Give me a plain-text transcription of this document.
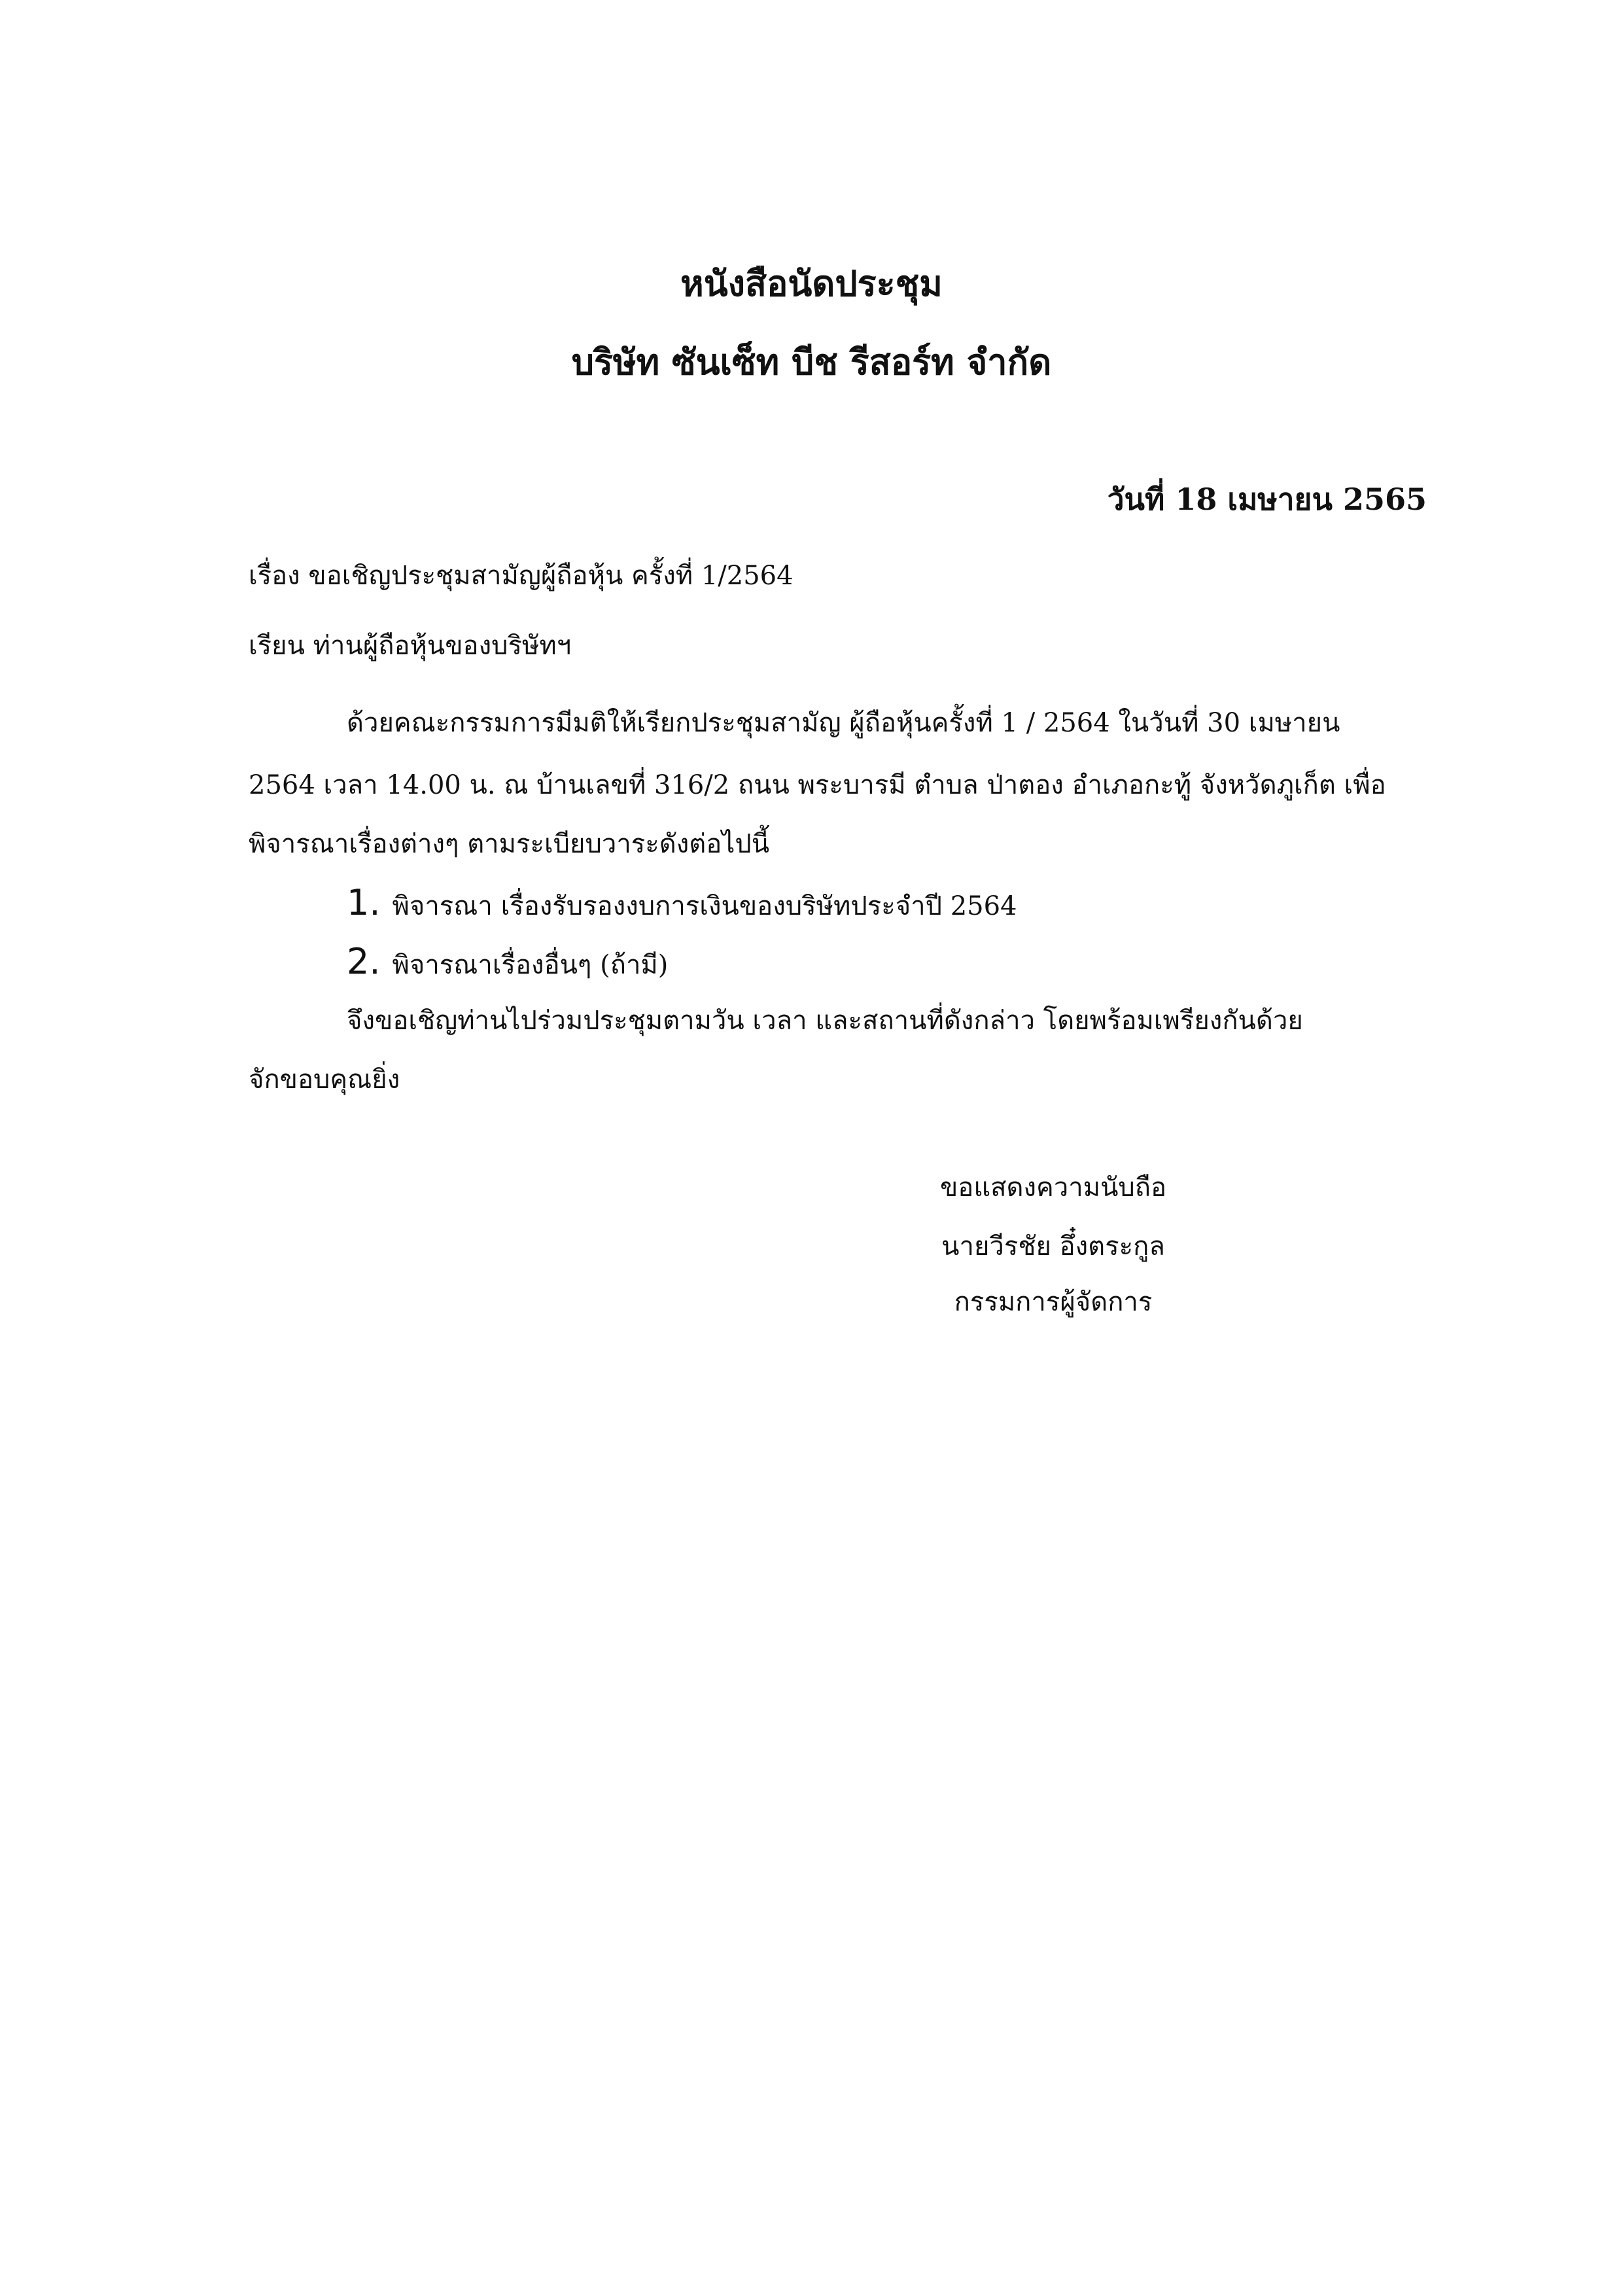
หนังสือนัดประชุม
บริษัท ซันเซ็ท บีช รีสอร์ท จำกัด
วันที่ 18 เมษายน 2565
เรื่อง ขอเชิญประชุมสามัญผู้ถือหุ้น ครั้งที่ 1/2564
เรียน ท่านผู้ถือหุ้นของบริษัทฯ
ด้วยคณะกรรมการมีมติให้เรียกประชุมสามัญ ผู้ถือหุ้นครั้งที่ 1 / 2564 ในวันที่ 30 เมษายน
2564 เวลา 14.00 น. ณ บ้านเลขที่ 316/2 ถนน พระบารมี ตำบล ป่าตอง อำเภอกะทู้ จังหวัดภูเก็ต เพื่อ
พิจารณาเรื่องต่างๆ ตามระเบียบวาระดังต่อไปนี้
1. พิจารณา เรื่องรับรองงบการเงินของบริษัทประจำปี 2564
2. พิจารณาเรื่องอื่นๆ (ถ้ามี)
จึงขอเชิญท่านไปร่วมประชุมตามวัน เวลา และสถานที่ดังกล่าว โดยพร้อมเพรียงกันด้วย
จักขอบคุณยิ่ง
ขอแสดงความนับถือ
นายวีรชัย อึ๋งตระกูล
กรรมการผู้จัดการ
